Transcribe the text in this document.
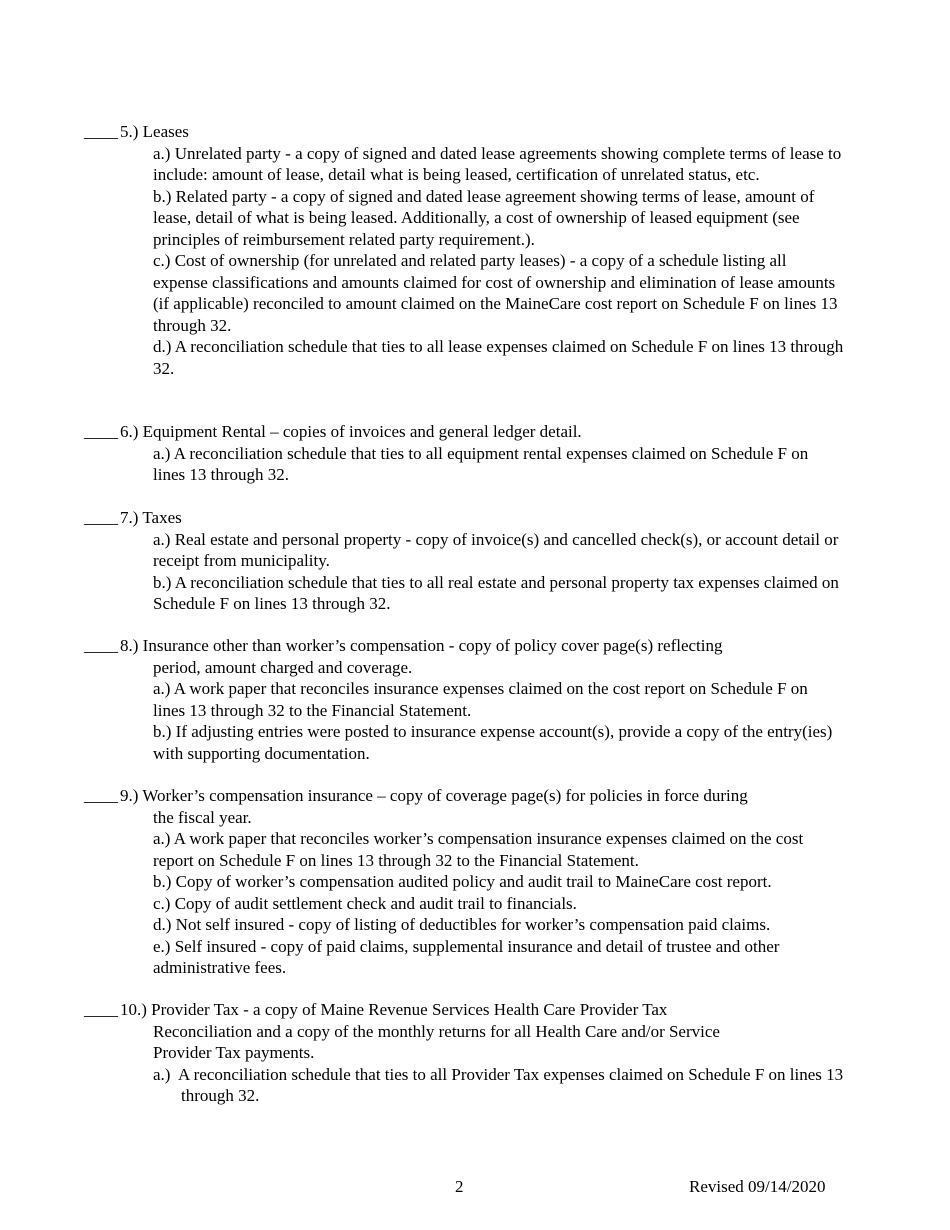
____5.) Leases
a.) Unrelated party - a copy of signed and dated lease agreements showing complete terms of lease to include: amount of lease, detail what is being leased, certification of unrelated status, etc.
b.) Related party - a copy of signed and dated lease agreement showing terms of lease, amount of lease, detail of what is being leased. Additionally, a cost of ownership of leased equipment (see principles of reimbursement related party requirement.).
c.) Cost of ownership (for unrelated and related party leases) - a copy of a schedule listing all expense classifications and amounts claimed for cost of ownership and elimination of lease amounts (if applicable) reconciled to amount claimed on the MaineCare cost report on Schedule F on lines 13 through 32.
d.) A reconciliation schedule that ties to all lease expenses claimed on Schedule F on lines 13 through 32.
____6.) Equipment Rental – copies of invoices and general ledger detail.
a.) A reconciliation schedule that ties to all equipment rental expenses claimed on Schedule F on lines 13 through 32.
____7.) Taxes
a.) Real estate and personal property - copy of invoice(s) and cancelled check(s), or account detail or receipt from municipality.
b.) A reconciliation schedule that ties to all real estate and personal property tax expenses claimed on Schedule F on lines 13 through 32.
____8.) Insurance other than worker’s compensation - copy of policy cover page(s) reflecting
period, amount charged and coverage.
a.) A work paper that reconciles insurance expenses claimed on the cost report on Schedule F on lines 13 through 32 to the Financial Statement.
b.) If adjusting entries were posted to insurance expense account(s), provide a copy of the entry(ies) with supporting documentation.
____9.) Worker’s compensation insurance – copy of coverage page(s) for policies in force during
the fiscal year.
a.) A work paper that reconciles worker’s compensation insurance expenses claimed on the cost report on Schedule F on lines 13 through 32 to the Financial Statement.
b.) Copy of worker’s compensation audited policy and audit trail to MaineCare cost report.
c.) Copy of audit settlement check and audit trail to financials.
d.) Not self insured - copy of listing of deductibles for worker’s compensation paid claims.
e.) Self insured - copy of paid claims, supplemental insurance and detail of trustee and other administrative fees.
____10.) Provider Tax - a copy of Maine Revenue Services Health Care Provider Tax
Reconciliation and a copy of the monthly returns for all Health Care and/or Service Provider Tax payments.
a.) A reconciliation schedule that ties to all Provider Tax expenses claimed on Schedule F on lines 13 through 32.
2	Revised 09/14/2020
